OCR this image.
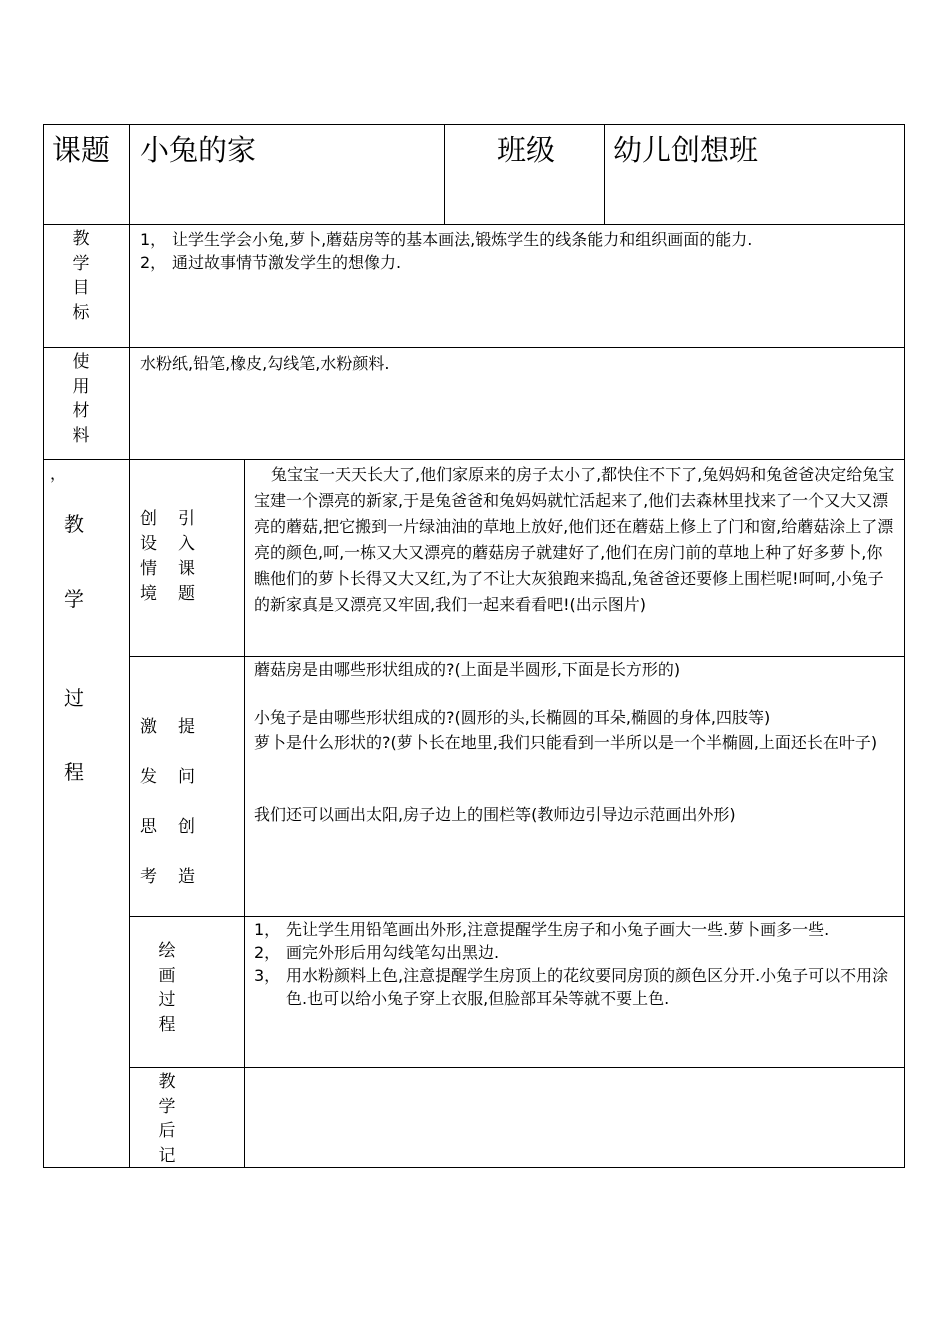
课题 小兔的家	班级 幼儿创想班
教
学
目
标
1， 让学生学会小兔,萝卜,蘑菇房等的基本画法,锻炼学生的线条能力和组织画面的能力.
2， 通过故事情节激发学生的想像力.
使
用
材
料
水粉纸,铅笔,橡皮,勾线笔,水粉颜料.
，
教
学
过
程
创
设
情
境
引
入
课
题
兔宝宝一天天长大了,他们家原来的房子太小了,都快住不下了,兔妈妈和兔爸爸决定给兔宝宝建一个漂亮的新家,于是兔爸爸和兔妈妈就忙活起来了,他们去森林里找来了一个又大又漂亮的蘑菇,把它搬到一片绿油油的草地上放好,他们还在蘑菇上修上了门和窗,给蘑菇涂上了漂亮的颜色,呵,一栋又大又漂亮的蘑菇房子就建好了,他们在房门前的草地上种了好多萝卜,你瞧他们的萝卜长得又大又红,为了不让大灰狼跑来捣乱,兔爸爸还要修上围栏呢!呵呵,小兔子的新家真是又漂亮又牢固,我们一起来看看吧!(出示图片)
激
发
思
考
提
问
创
造
蘑菇房是由哪些形状组成的?(上面是半圆形,下面是长方形的)
小兔子是由哪些形状组成的?(圆形的头,长椭圆的耳朵,椭圆的身体,四肢等)
萝卜是什么形状的?(萝卜长在地里,我们只能看到一半所以是一个半椭圆,上面还长在叶子)
我们还可以画出太阳,房子边上的围栏等(教师边引导边示范画出外形)
绘
画
过
程
1， 先让学生用铅笔画出外形,注意提醒学生房子和小兔子画大一些.萝卜画多一些.
2， 画完外形后用勾线笔勾出黑边.
3， 用水粉颜料上色,注意提醒学生房顶上的花纹要同房顶的颜色区分开.小兔子可以不用涂色.也可以给小兔子穿上衣服,但脸部耳朵等就不要上色.
教
学
后
记
